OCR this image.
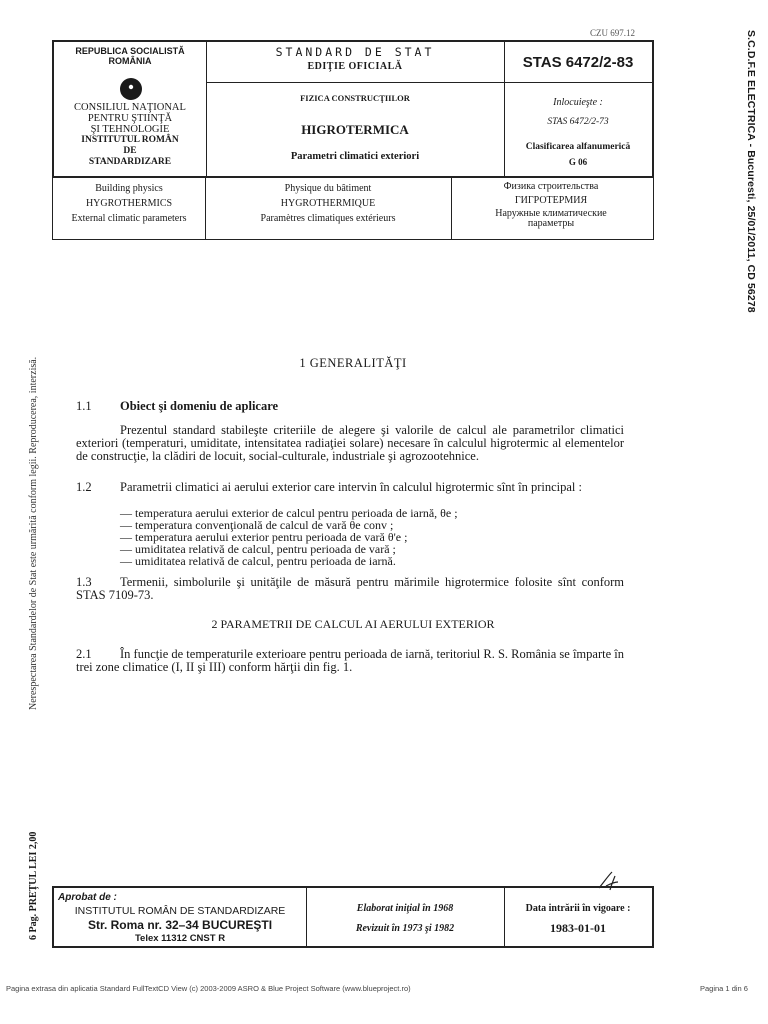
CZU 697.12	S.C.D.F.E ELECTRICA - Bucuresti, 25/01/2011, CD 56278
Nerespectarea Standardelor de Stat este urmărită conform legii. Reproducerea, interzisă.
6 Pag. PREŢUL LEI 2,00
REPUBLICA SOCIALISTĂ
ROMÂNIA
CONSILIUL NAŢIONAL
PENTRU ŞTIINŢĂ
ŞI TEHNOLOGIE
INSTITUTUL ROMÂN
DE
STANDARDIZARE
STANDARD DE STAT
EDIŢIE OFICIALĂ
FIZICA CONSTRUCŢIILOR
HIGROTERMICA
Parametri climatici exteriori
STAS 6472/2-83
Inlocuieşte :
STAS 6472/2-73
Clasificarea alfanumerică
G 06
Building physics
HYGROTHERMICS
External climatic parameters
Physique du bâtiment
HYGROTHERMIQUE
Paramètres climatiques extérieurs
Физика строительства
ГИГРОТЕРМИЯ
Наружные климатические
параметры
1 GENERALITĂŢI
1.1 Obiect şi domeniu de aplicare

Prezentul standard stabileşte criteriile de alegere şi valorile de calcul ale parametrilor climatici exteriori (temperaturi, umiditate, intensitatea radiaţiei solare) necesare în calculul higrotermic al elementelor de construcţie, la clădiri de locuit, social-culturale, industriale şi agrozootehnice.

1.2	Parametrii climatici ai aerului exterior care intervin în calculul higrotermic sînt în principal :

— temperatura aerului exterior de calcul pentru perioada de iarnă, θe ;
— temperatura convenţională de calcul de vară θe conv ;
— temperatura aerului exterior pentru perioada de vară θ'e ;
— umiditatea relativă de calcul, pentru perioada de vară ;
— umiditatea relativă de calcul, pentru perioada de iarnă.
1.3	Termenii, simbolurile şi unităţile de măsură pentru mărimile higrotermice folosite sînt conform STAS 7109-73.

2 PARAMETRII DE CALCUL AI AERULUI EXTERIOR
2.1	În funcţie de temperaturile exterioare pentru perioada de iarnă, teritoriul R. S. România se împarte în trei zone climatice (I, II şi III) conform hărţii din fig. 1.

Aprobat de :
INSTITUTUL ROMÂN DE STANDARDIZARE
Str. Roma nr. 32–34 BUCUREŞTI
Telex 11312 CNST R
Elaborat iniţial în 1968
Revizuit în 1973 şi 1982
Data intrării în vigoare :
1983-01-01
Pagina extrasa din aplicatia Standard FullTextCD View (c) 2003-2009 ASRO & Blue Project Software (www.blueproject.ro)	Pagina 1 din 6
